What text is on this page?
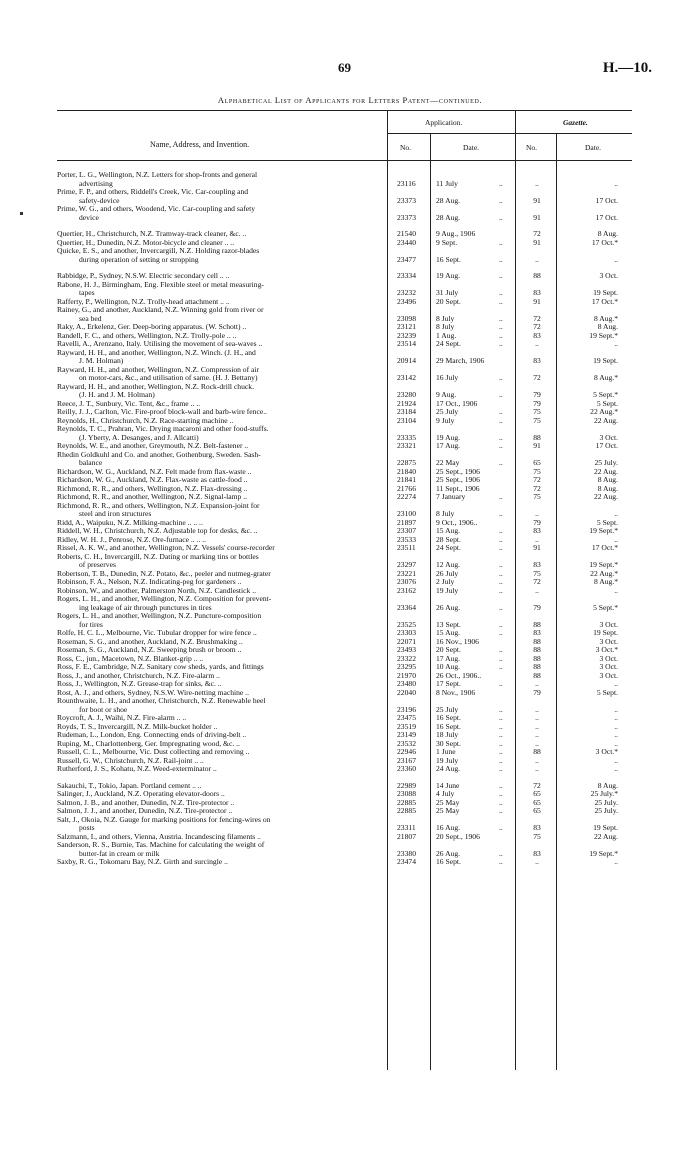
69	H.—10.
Alphabetical List of Applicants for Letters Patent—continued.
Name, Address, and Invention.
Application.	Gazette.
No.	Date.	No.	Date.
Porter, L. G., Wellington, N.Z. Letters for shop-fronts and general
advertising	23116	11 July	..	..	..
Prime, F. P., and others, Riddell's Creek, Vic. Car-coupling and
safety-device	23373	28 Aug.	..	91	17 Oct.
Prime, W. G., and others, Woodend, Vic. Car-coupling and safety
device	23373	28 Aug.	..	91	17 Oct.
Quertier, H., Christchurch, N.Z. Tramway-track cleaner, &c. ..	21540	9 Aug., 1906	72	8 Aug.
Quertier, H., Dunedin, N.Z. Motor-bicycle and cleaner .. ..	23440	9 Sept.	..	91	17 Oct.*
Quicke, E. S., and another, Invercargill, N.Z. Holding razor-blades
during operation of setting or stropping	23477	16 Sept.	..	..	..
Rabbidge, P., Sydney, N.S.W. Electric secondary cell .. ..	23334	19 Aug.	..	88	3 Oct.
Rabone, H. J., Birmingham, Eng. Flexible steel or metal measuring-
tapes	23232	31 July	..	83	19 Sept.
Rafferty, P., Wellington, N.Z. Trolly-head attachment .. ..	23496	20 Sept.	..	91	17 Oct.*
Rainey, G., and another, Auckland, N.Z. Winning gold from river or
sea bed	23098	8 July	..	72	8 Aug.*
Raky, A., Erkelenz, Ger. Deep-boring apparatus. (W. Schott) ..	23121	8 July	..	72	8 Aug.
Randell, F. C., and others, Wellington, N.Z. Trolly-pole .. ..	23239	1 Aug.	..	83	19 Sept.*
Ravelli, A., Arenzano, Italy. Utilising the movement of sea-waves ..	23514	24 Sept.	..	..	..
Rayward, H. H., and another, Wellington, N.Z. Winch. (J. H., and
J. M. Holman)	20914	29 March, 1906	83	19 Sept.
Rayward, H. H., and another, Wellington, N.Z. Compression of air
on motor-cars, &c., and utilisation of same. (H. J. Bettany)	23142	16 July	..	72	8 Aug.*
Rayward, H. H., and another, Wellington, N.Z. Rock-drill chuck.
(J. H. and J. M. Holman)	23280	9 Aug.	..	79	5 Sept.*
Reece, J. T., Sunbury, Vic. Tent, &c., frame .. ..	21924	17 Oct., 1906	79	5 Sept.
Reilly, J. J., Carlton, Vic. Fire-proof block-wall and barb-wire fence..	23184	25 July	..	75	22 Aug.*
Reynolds, H., Christchurch, N.Z. Race-starting machine ..	23104	9 July	..	75	22 Aug.
Reynolds, T. C., Prahran, Vic. Drying macaroni and other food-stuffs.
(J. Yberty, A. Desanges, and J. Allcatti)	23335	19 Aug.	..	88	3 Oct.
Reynolds, W. E., and another, Greymouth, N.Z. Belt-fastener ..	23321	17 Aug.	..	91	17 Oct.
Rhedin Goldkuhl and Co. and another, Gothenburg, Sweden. Sash-
balance	22875	22 May	..	65	25 July.
Richardson, W. G., Auckland, N.Z. Felt made from flax-waste ..	21840	25 Sept., 1906	75	22 Aug.
Richardson, W. G., Auckland, N.Z. Flax-waste as cattle-food ..	21841	25 Sept., 1906	72	8 Aug.
Richmond, R. R., and others, Wellington, N.Z. Flax-dressing ..	21766	11 Sept., 1906	72	8 Aug.
Richmond, R. R., and another, Wellington, N.Z. Signal-lamp ..	22274	7 January	..	75	22 Aug.
Richmond, R. R., and others, Wellington, N.Z. Expansion-joint for
steel and iron structures	23100	8 July	..	..	..
Ridd, A., Waipuku, N.Z. Milking-machine .. .. ..	21897	9 Oct., 1906..	79	5 Sept.
Riddell, W. H., Christchurch, N.Z. Adjustable top for desks, &c. ..	23307	15 Aug.	..	83	19 Sept.*
Ridley, W. H. J., Penrose, N.Z. Ore-furnace .. .. ..	23533	28 Sept.	..	..	..
Rissel, A. K. W., and another, Wellington, N.Z. Vessels' course-recorder	23511	24 Sept.	..	91	17 Oct.*
Roberts, C. H., Invercargill, N.Z. Dating or marking tins or bottles
of preserves	23297	12 Aug.	..	83	19 Sept.*
Robertson, T. B., Dunedin, N.Z. Potato, &c., peeler and nutmeg-grater	23221	26 July	..	75	22 Aug.*
Robinson, F. A., Nelson, N.Z. Indicating-peg for gardeners ..	23076	2 July	..	72	8 Aug.*
Robinson, W., and another, Palmerston North, N.Z. Candlestick ..	23162	19 July	..	..	..
Rogers, L. H., and another, Wellington, N.Z. Composition for prevent-
ing leakage of air through punctures in tires	23364	26 Aug.	..	79	5 Sept.*
Rogers, L. H., and another, Wellington, N.Z. Puncture-composition
for tires	23525	13 Sept.	..	88	3 Oct.
Rolfe, H. C. L., Melbourne, Vic. Tubular dropper for wire fence ..	23303	15 Aug.	..	83	19 Sept.
Roseman, S. G., and another, Auckland, N.Z. Brushmaking ..	22071	16 Nov., 1906	88	3 Oct.
Roseman, S. G., Auckland, N.Z. Sweeping brush or broom ..	23493	20 Sept.	..	88	3 Oct.*
Ross, C., jun., Macetown, N.Z. Blanket-grip .. ..	23322	17 Aug.	..	88	3 Oct.
Ross, F. E., Cambridge, N.Z. Sanitary cow sheds, yards, and fittings	23295	10 Aug.	..	88	3 Oct.
Ross, J., and another, Christchurch, N.Z. Fire-alarm ..	21970	26 Oct., 1906..	88	3 Oct.
Ross, J., Wellington, N.Z. Grease-trap for sinks, &c. ..	23480	17 Sept.	..	..	..
Rost, A. J., and others, Sydney, N.S.W. Wire-netting machine ..	22040	8 Nov., 1906	79	5 Sept.
Rounthwaite, L. H., and another, Christchurch, N.Z. Renewable heel
for boot or shoe	23196	25 July	..	..	..
Roycroft, A. J., Waihi, N.Z. Fire-alarm .. ..	23475	16 Sept.	..	..	..
Royds, T. S., Invercargill, N.Z. Milk-bucket holder ..	23519	16 Sept.	..	..	..
Rudeman, L., London, Eng. Connecting ends of driving-belt ..	23149	18 July	..	..	..
Ruping, M., Charlottenberg, Ger. Impregnating wood, &c. ..	23532	30 Sept.	..	..	..
Russell, C. L., Melbourne, Vic. Dust collecting and removing ..	22946	1 June	..	88	3 Oct.*
Russell, G. W., Christchurch, N.Z. Rail-joint .. ..	23167	19 July	..	..	..
Rutherford, J. S., Kohatu, N.Z. Weed-exterminator ..	23360	24 Aug.	..	..	..
Sakauchi, T., Tokio, Japan. Portland cement .. ..	22989	14 June	..	72	8 Aug.
Salinger, J., Auckland, N.Z. Operating elevator-doors ..	23088	4 July	..	65	25 July.*
Salmon, J. B., and another, Dunedin, N.Z. Tire-protector ..	22885	25 May	..	65	25 July.
Salmon, J. J., and another, Dunedin, N.Z. Tire-protector ..	22885	25 May	..	65	25 July.
Salt, J., Okoia, N.Z. Gauge for marking positions for fencing-wires on
posts	23311	16 Aug.	..	83	19 Sept.
Salzmann, I., and others, Vienna, Austria. Incandescing filaments ..	21807	20 Sept., 1906	75	22 Aug.
Sanderson, R. S., Burnie, Tas. Machine for calculating the weight of
butter-fat in cream or milk	23380	26 Aug.	..	83	19 Sept.*
Saxby, R. G., Tokomaru Bay, N.Z. Girth and surcingle ..	23474	16 Sept.	..	..	..
